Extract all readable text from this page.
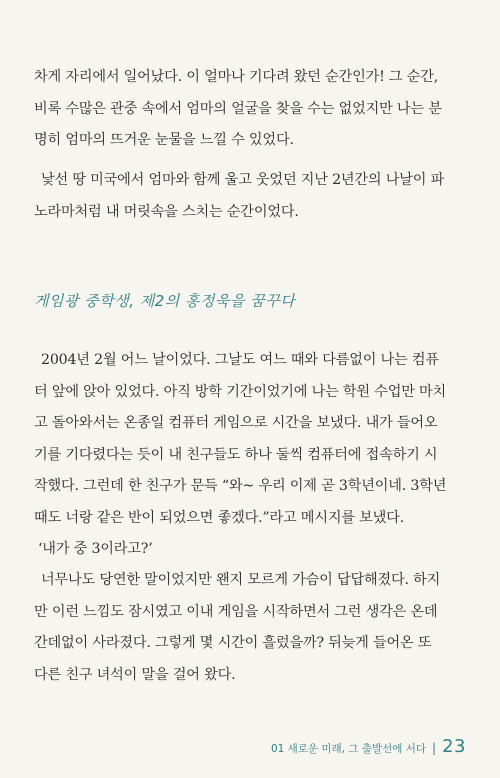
차게 자리에서 일어났다. 이 얼마나 기다려 왔던 순간인가! 그 순간,
비록 수많은 관중 속에서 엄마의 얼굴을 찾을 수는 없었지만 나는 분
명히 엄마의 뜨거운 눈물을 느낄 수 있었다.
낯선 땅 미국에서 엄마와 함께 울고 웃었던 지난 2년간의 나날이 파
노라마처럼 내 머릿속을 스치는 순간이었다.
게임광 중학생, 제2의 홍정욱을 꿈꾸다
2004년 2월 어느 날이었다. 그날도 여느 때와 다름없이 나는 컴퓨
터 앞에 앉아 있었다. 아직 방학 기간이었기에 나는 학원 수업만 마치
고 돌아와서는 온종일 컴퓨터 게임으로 시간을 보냈다. 내가 들어오
기를 기다렸다는 듯이 내 친구들도 하나 둘씩 컴퓨터에 접속하기 시
작했다. 그런데 한 친구가 문득 “와~ 우리 이제 곧 3학년이네. 3학년
때도 너랑 같은 반이 되었으면 좋겠다.”라고 메시지를 보냈다.
‘내가 중 3이라고?’
너무나도 당연한 말이었지만 왠지 모르게 가슴이 답답해졌다. 하지
만 이런 느낌도 잠시였고 이내 게임을 시작하면서 그런 생각은 온데
간데없이 사라졌다. 그렇게 몇 시간이 흘렀을까? 뒤늦게 들어온 또
다른 친구 녀석이 말을 걸어 왔다.
01 새로운 미래, 그 출발선에 서다 | 23
